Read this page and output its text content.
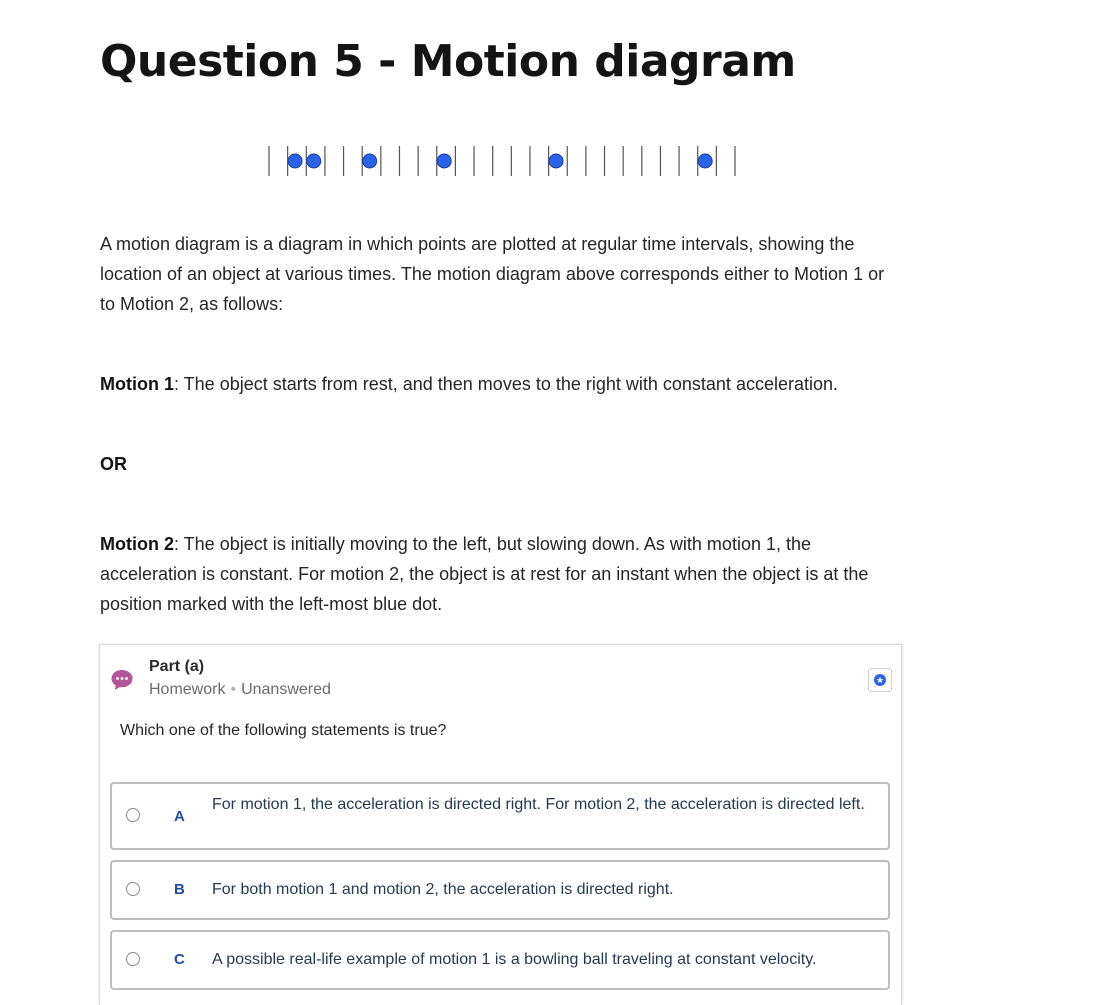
Question 5 - Motion diagram

A motion diagram is a diagram in which points are plotted at regular time intervals, showing the location of an object at various times. The motion diagram above corresponds either to Motion 1 or to Motion 2, as follows:

Motion 1: The object starts from rest, and then moves to the right with constant acceleration.

OR

Motion 2: The object is initially moving to the left, but slowing down. As with motion 1, the acceleration is constant. For motion 2, the object is at rest for an instant when the object is at the position marked with the left-most blue dot.

Part (a)
Homework • Unanswered
Which one of the following statements is true?
A
For motion 1, the acceleration is directed right. For motion 2, the acceleration is directed left.
B For both motion 1 and motion 2, the acceleration is directed right.
C A possible real-life example of motion 1 is a bowling ball traveling at constant velocity.
